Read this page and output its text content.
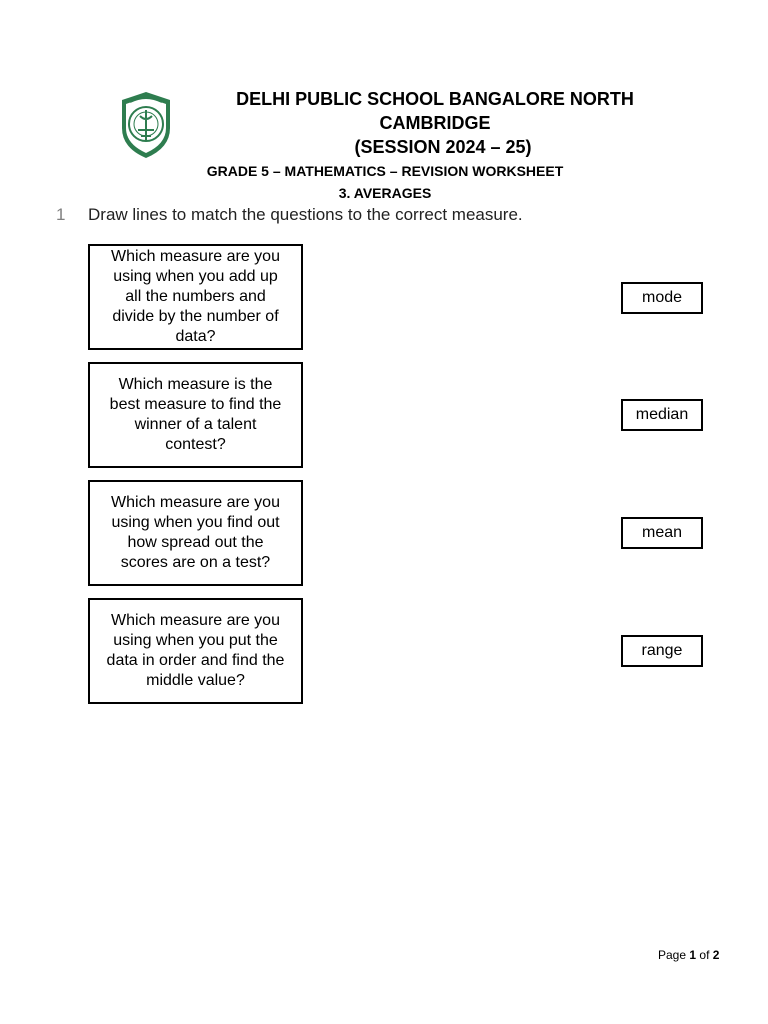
DELHI PUBLIC SCHOOL BANGALORE NORTH
CAMBRIDGE
(SESSION 2024 – 25)
GRADE 5 – MATHEMATICS – REVISION WORKSHEET
3. AVERAGES
1 Draw lines to match the questions to the correct measure.
Which measure are you
using when you add up
all the numbers and
divide by the number of
data?
Which measure is the
best measure to find the
winner of a talent
contest?
Which measure are you
using when you find out
how spread out the
scores are on a test?
Which measure are you
using when you put the
data in order and find the
middle value?
mode
median
mean
range
Page 1 of 2
